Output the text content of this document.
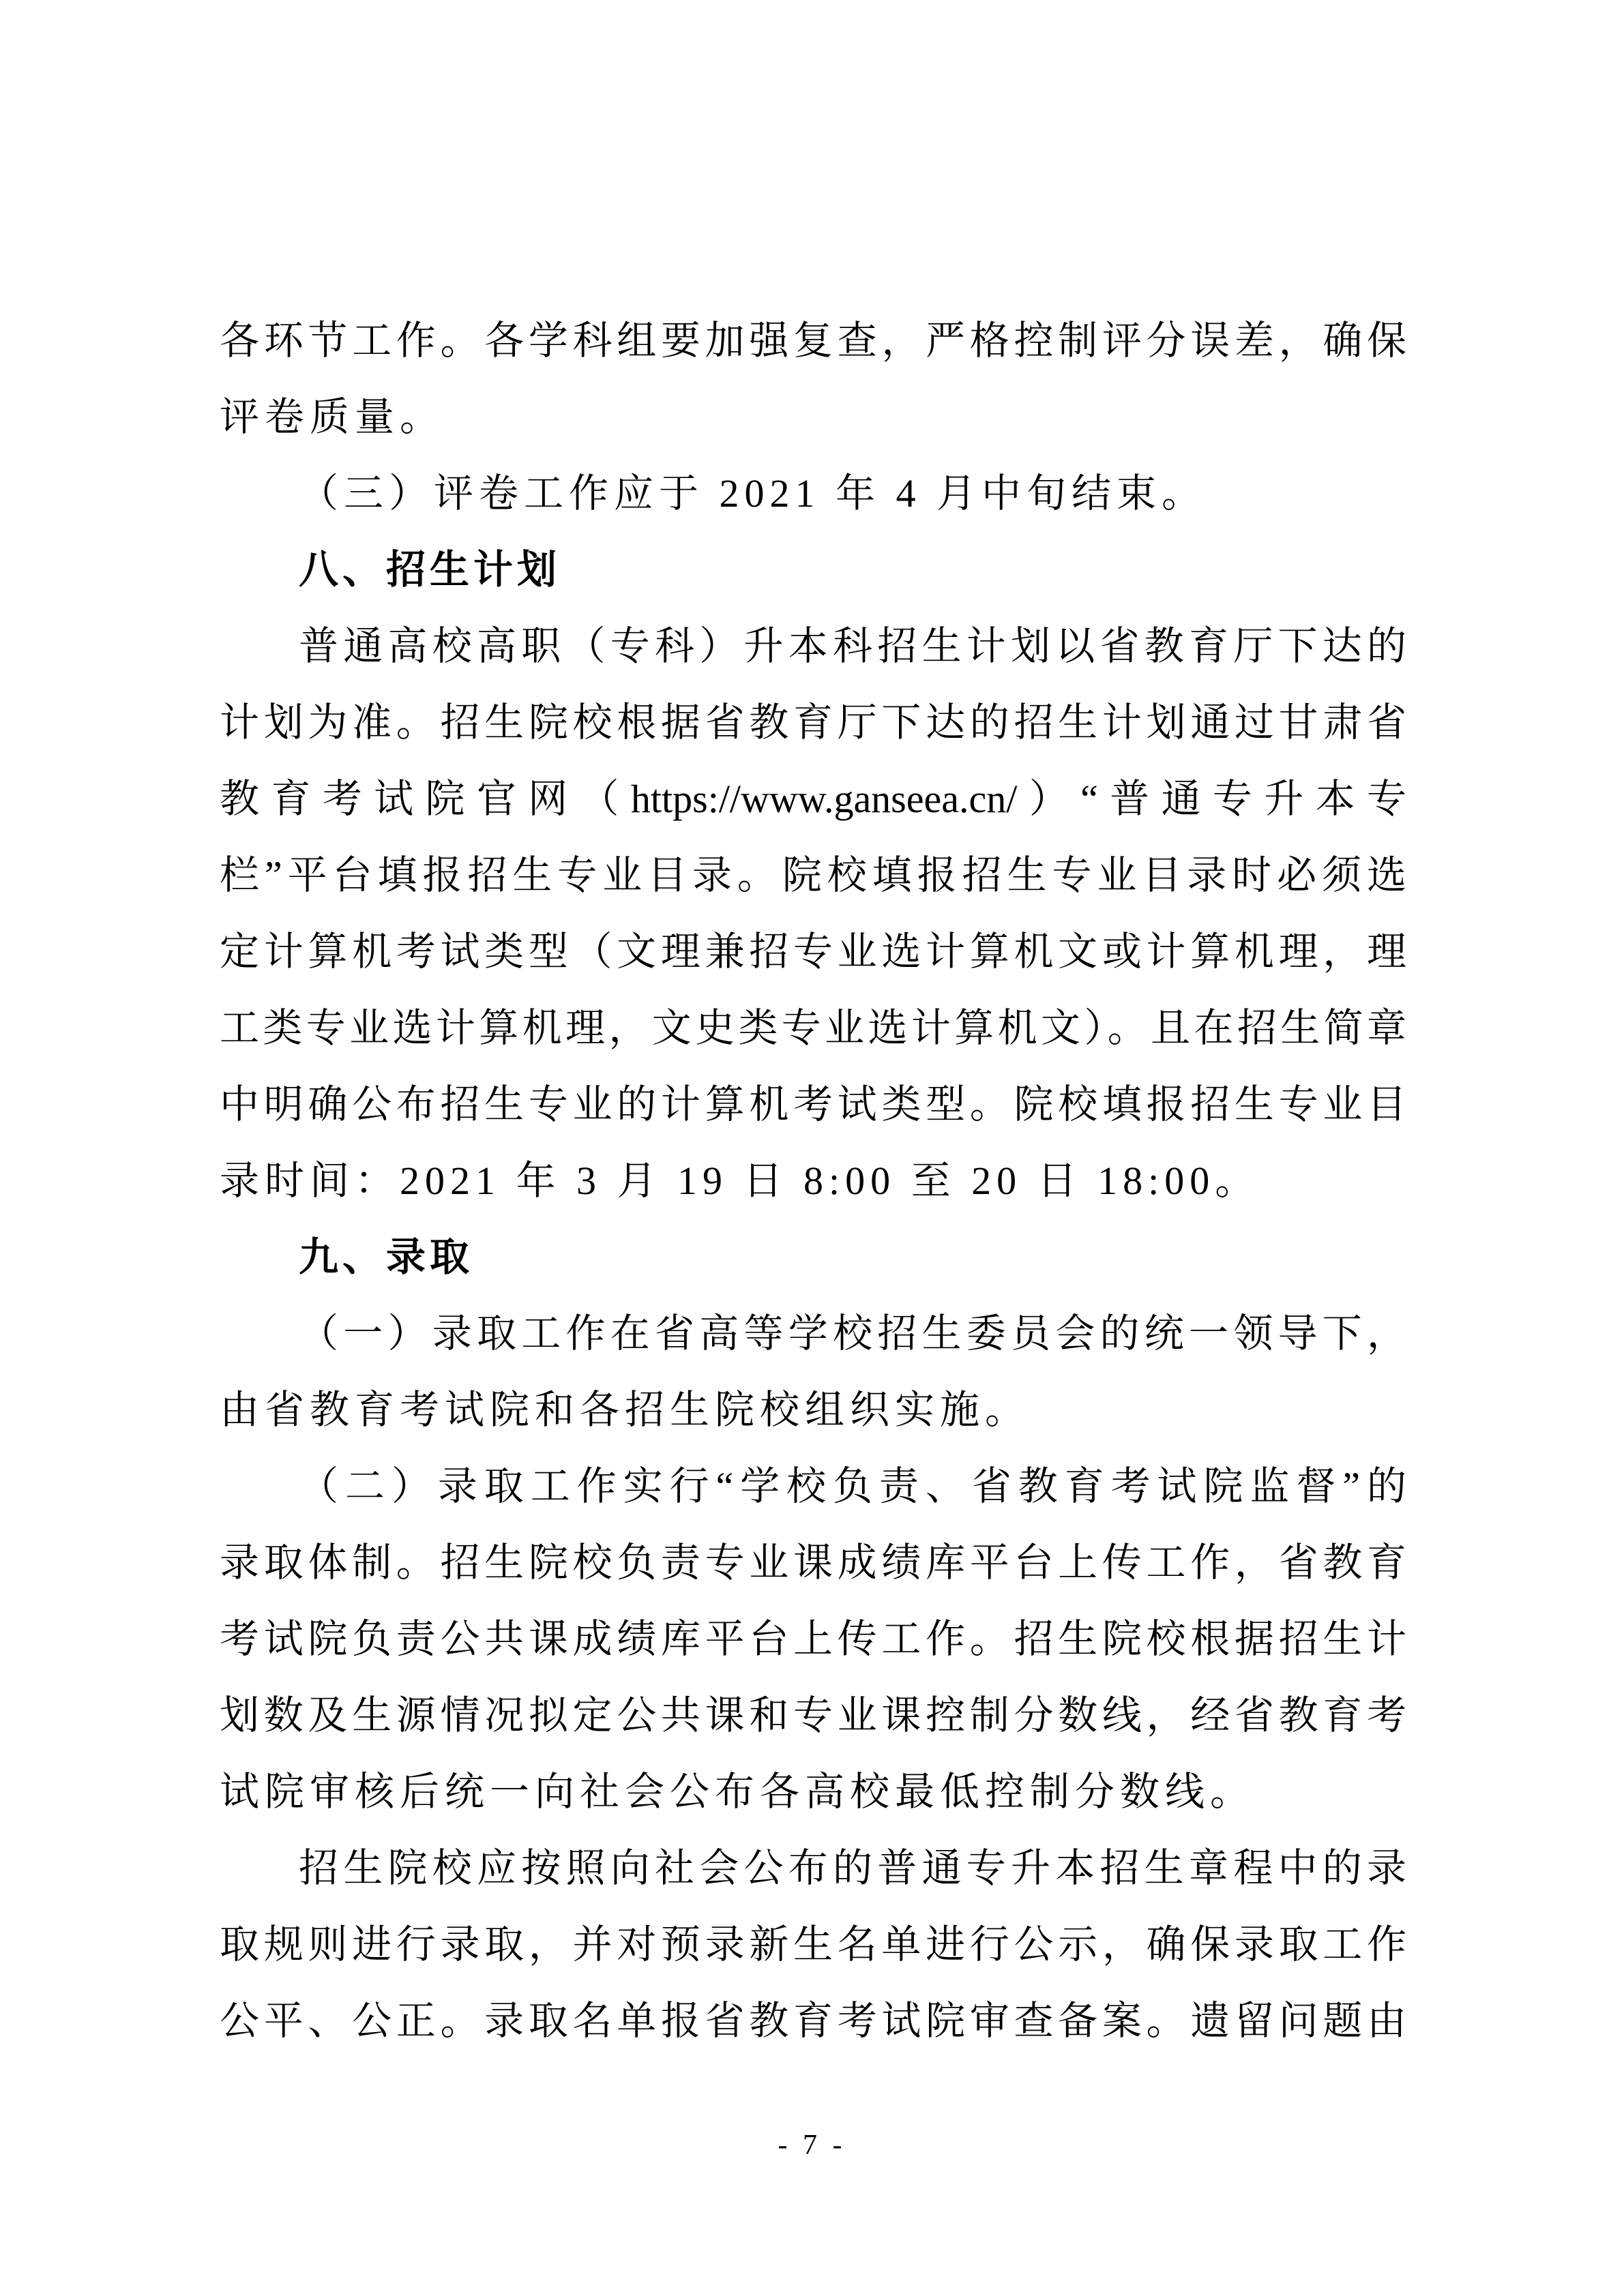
各环节工作。各学科组要加强复查，严格控制评分误差，确保
评卷质量。
（三）评卷工作应于 2021 年 4 月中旬结束。
八、招生计划
普通高校高职（专科）升本科招生计划以省教育厅下达的
计划为准。招生院校根据省教育厅下达的招生计划通过甘肃省
教育考试院官网（https://www.ganseea.cn/）“普通专升本专
栏”平台填报招生专业目录。院校填报招生专业目录时必须选
定计算机考试类型（文理兼招专业选计算机文或计算机理，理
工类专业选计算机理，文史类专业选计算机文）。且在招生简章
中明确公布招生专业的计算机考试类型。院校填报招生专业目
录时间：2021 年 3 月 19 日 8:00 至 20 日 18:00。
九、录取
（一）录取工作在省高等学校招生委员会的统一领导下，
由省教育考试院和各招生院校组织实施。
（二）录取工作实行“学校负责、省教育考试院监督”的
录取体制。招生院校负责专业课成绩库平台上传工作，省教育
考试院负责公共课成绩库平台上传工作。招生院校根据招生计
划数及生源情况拟定公共课和专业课控制分数线，经省教育考
试院审核后统一向社会公布各高校最低控制分数线。
招生院校应按照向社会公布的普通专升本招生章程中的录
取规则进行录取，并对预录新生名单进行公示，确保录取工作
公平、公正。录取名单报省教育考试院审查备案。遗留问题由
- 7 -
